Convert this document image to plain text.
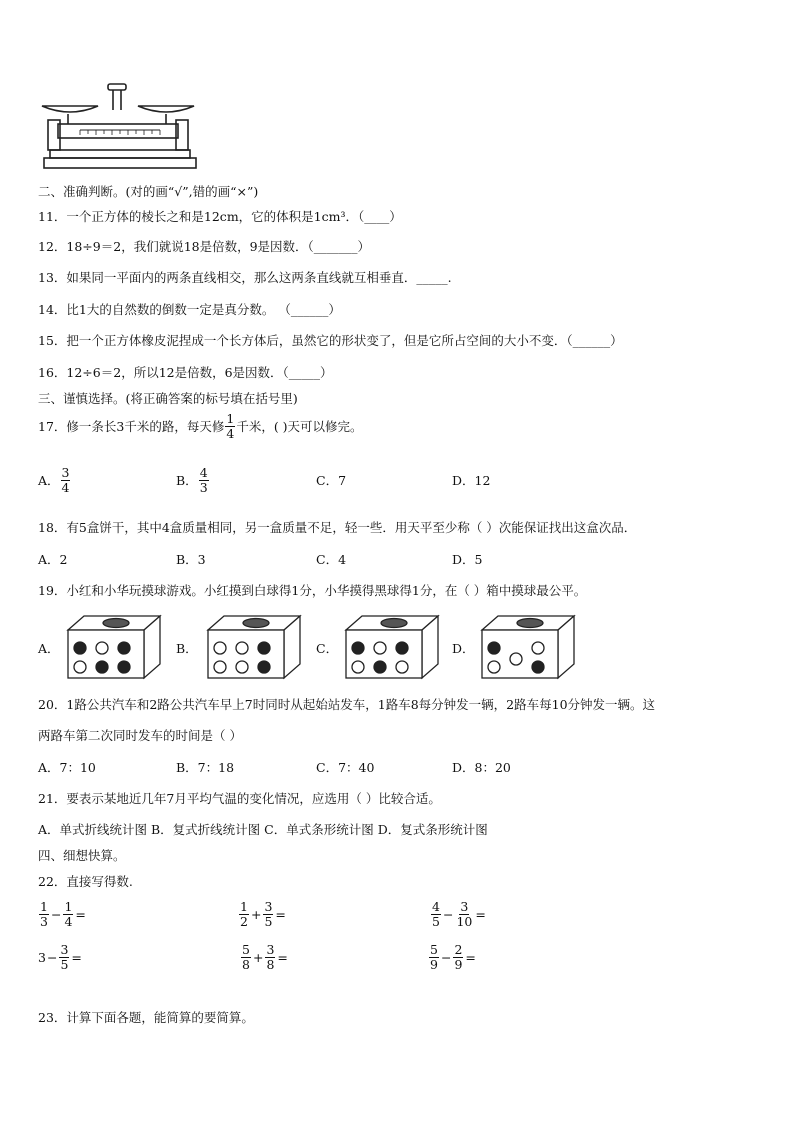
二、准确判断。(对的画“√”,错的画“×”)
11．一个正方体的棱长之和是12cm，它的体积是1cm³．（____）
12．18÷9＝2，我们就说18是倍数，9是因数．（_______）
13．如果同一平面内的两条直线相交，那么这两条直线就互相垂直．_____.
14．比1大的自然数的倒数一定是真分数。 （______）
15．把一个正方体橡皮泥捏成一个长方体后，虽然它的形状变了，但是它所占空间的大小不变．（______）
16．12÷6＝2，所以12是倍数，6是因数．（_____）
三、谨慎选择。(将正确答案的标号填在括号里)
17．修一条长3千米的路，每天修 $\frac{1}{4}$ 千米，( )天可以修完。
A． $\frac{3}{4}$	B． $\frac{4}{3}$	C．7	D．12
18．有5盒饼干，其中4盒质量相同，另一盒质量不足，轻一些．用天平至少称（ ）次能保证找出这盒次品．
A．2	B．3	C．4	D．5
19．小红和小华玩摸球游戏。小红摸到白球得1分，小华摸得黑球得1分，在（ ）箱中摸球最公平。
A．	B．	C．	D．
20．1路公共汽车和2路公共汽车早上7时同时从起始站发车，1路车8每分钟发一辆，2路车每10分钟发一辆。这
两路车第二次同时发车的时间是（ ）
A．7：10	B．7：18	C．7：40	D．8：20
21．要表示某地近几年7月平均气温的变化情况，应选用（ ）比较合适。
A．单式折线统计图 B．复式折线统计图 C．单式条形统计图 D．复式条形统计图
四、细想快算。
22．直接写得数.
$\frac{1}{3} - \frac{1}{4}$ =	$\frac{1}{2} + \frac{3}{5}$ =	$\frac{4}{5} - \frac{3}{10}$ =
$3 - \frac{3}{5}$ =	$\frac{5}{8} + \frac{3}{8}$ =	$\frac{5}{9} - \frac{2}{9}$ =
23．计算下面各题，能简算的要简算。
